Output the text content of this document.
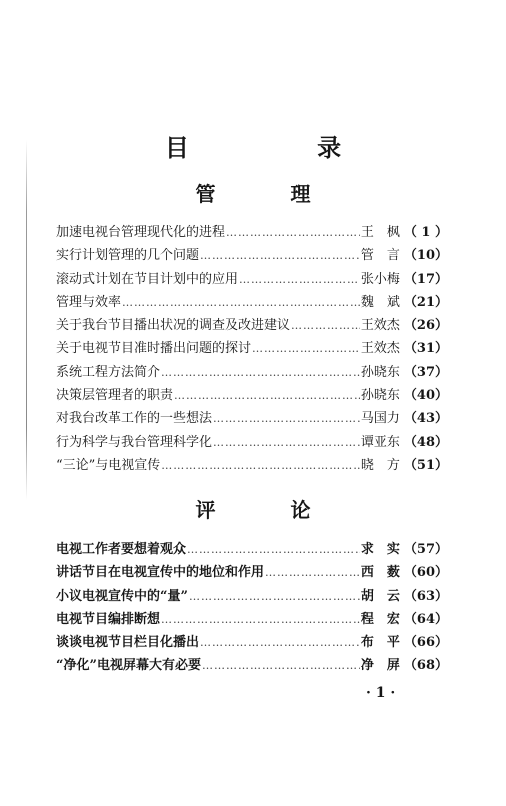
目 录
管 理
加速电视台管理现代化的进程 ……………………………………………………………………………………………………	王　枫 （ 1 ）
实行计划管理的几个问题 ……………………………………………………………………………………………………	管　言 （10）
滚动式计划在节目计划中的应用 ……………………………………………………………………………………………………	张小梅 （17）
管理与效率 ……………………………………………………………………………………………………	魏　斌 （21）
关于我台节目播出状况的调查及改进建议 ……………………………………………………………………………………………………	王效杰 （26）
关于电视节目准时播出问题的探讨 ……………………………………………………………………………………………………	王效杰 （31）
系统工程方法简介 ……………………………………………………………………………………………………	孙晓东 （37）
决策层管理者的职责 ……………………………………………………………………………………………………	孙晓东 （40）
对我台改革工作的一些想法 ……………………………………………………………………………………………………	马国力 （43）
行为科学与我台管理科学化 ……………………………………………………………………………………………………	谭亚东 （48）
“三论”与电视宣传 ……………………………………………………………………………………………………	晓　方 （51）
评 论
电视工作者要想着观众 ……………………………………………………………………………………………………	求　实 （57）
讲话节目在电视宣传中的地位和作用 ……………………………………………………………………………………………………	西　薮 （60）
小议电视宣传中的“量” ……………………………………………………………………………………………………	胡　云 （63）
电视节目编排断想 ……………………………………………………………………………………………………	程　宏 （64）
谈谈电视节目栏目化播出 ……………………………………………………………………………………………………	布　平 （66）
“净化”电视屏幕大有必要 ……………………………………………………………………………………………………	净　屏 （68）
· 1 ·
